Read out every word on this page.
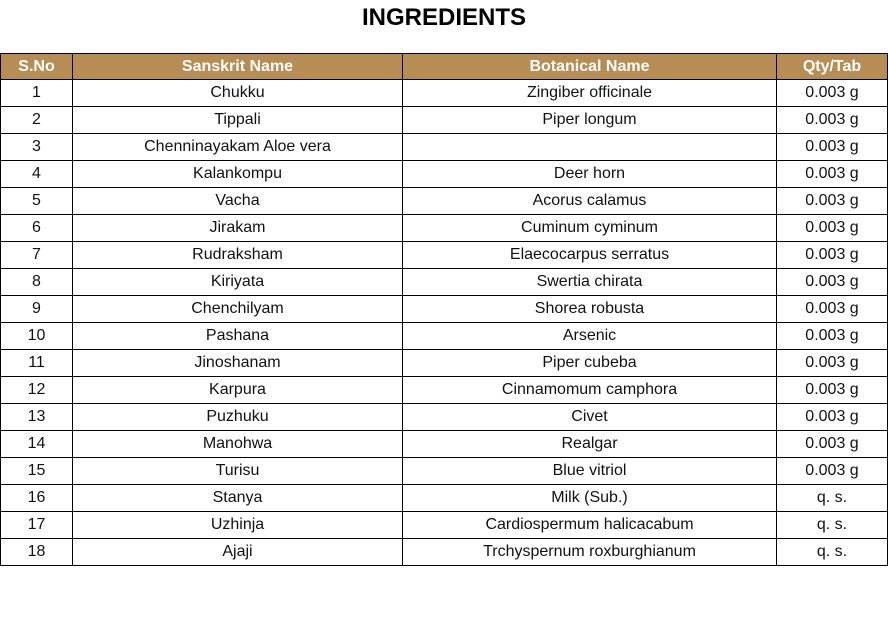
INGREDIENTS
S.No	Sanskrit Name	Botanical Name	Qty/Tab
1	Chukku	Zingiber officinale	0.003 g
2	Tippali	Piper longum	0.003 g
3	Chenninayakam Aloe vera		0.003 g
4	Kalankompu	Deer horn	0.003 g
5	Vacha	Acorus calamus	0.003 g
6	Jirakam	Cuminum cyminum	0.003 g
7	Rudraksham	Elaecocarpus serratus	0.003 g
8	Kiriyata	Swertia chirata	0.003 g
9	Chenchilyam	Shorea robusta	0.003 g
10	Pashana	Arsenic	0.003 g
11	Jinoshanam	Piper cubeba	0.003 g
12	Karpura	Cinnamomum camphora	0.003 g
13	Puzhuku	Civet	0.003 g
14	Manohwa	Realgar	0.003 g
15	Turisu	Blue vitriol	0.003 g
16	Stanya	Milk (Sub.)	q. s.
17	Uzhinja	Cardiospermum halicacabum	q. s.
18	Ajaji	Trchyspernum roxburghianum	q. s.
